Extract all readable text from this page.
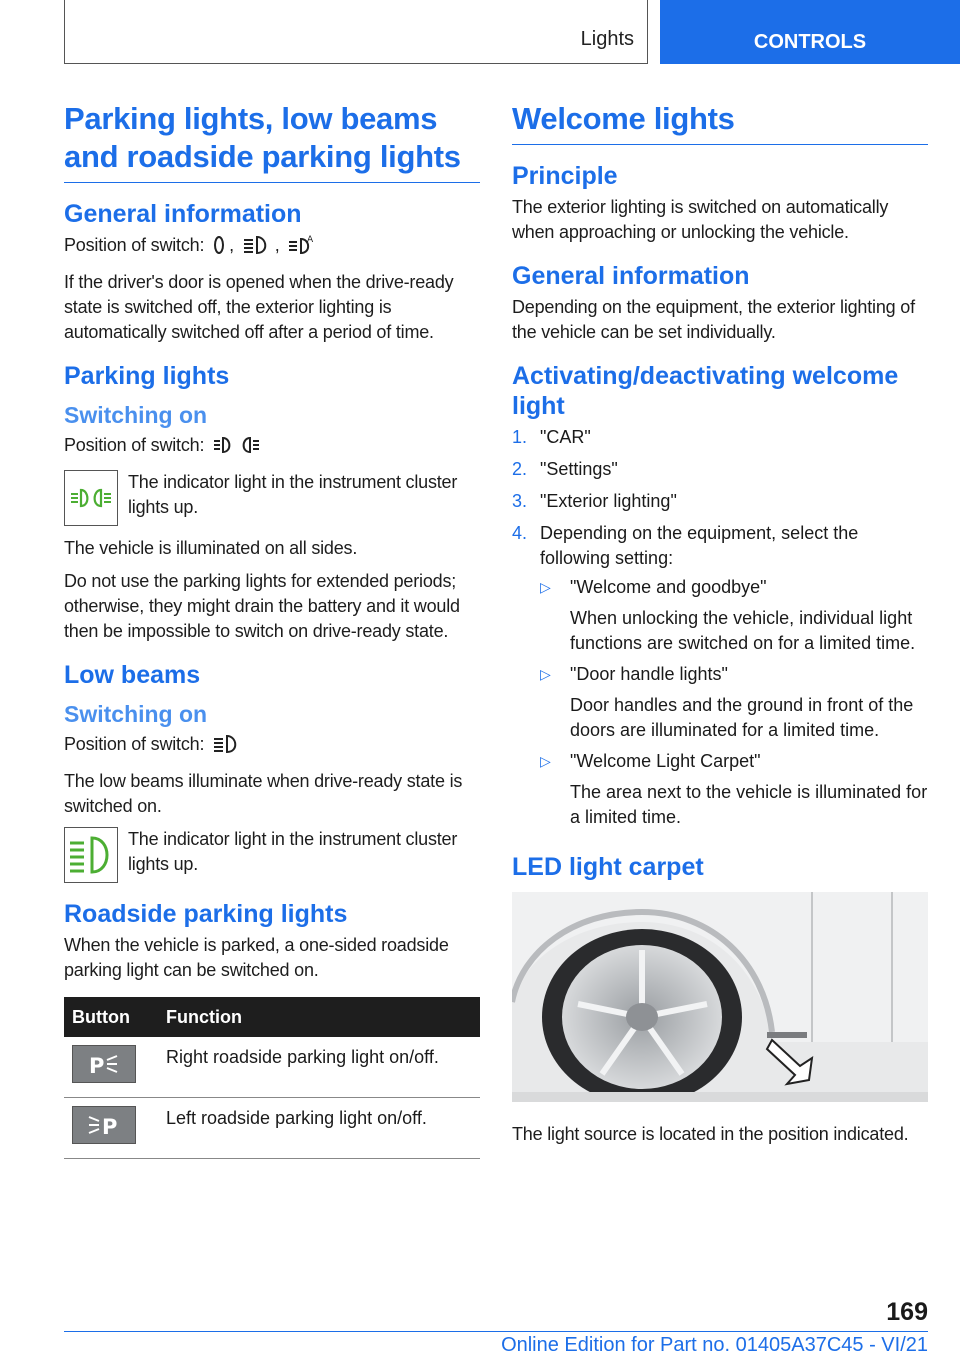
Lights	CONTROLS
Parking lights, low beams and roadside parking lights
General information

Position of switch: , ,	A

If the driver's door is opened when the drive-ready state is switched off, the exterior lighting is automatically switched off after a period of time.

Parking lights
Switching on

Position of switch:

The indicator light in the instrument cluster lights up.

The vehicle is illuminated on all sides.

Do not use the parking lights for extended periods; otherwise, they might drain the battery and it would then be impossible to switch on drive-ready state.

Low beams
Switching on

Position of switch:

The low beams illuminate when drive-ready state is switched on.

The indicator light in the instrument cluster lights up.

Roadside parking lights

When the vehicle is parked, a one-sided roadside parking light can be switched on.

Button	Function

P	Right roadside parking light on/off.

P	Left roadside parking light on/off.
Welcome lights
Principle

The exterior lighting is switched on automatically when approaching or unlocking the vehicle.

General information

Depending on the equipment, the exterior lighting of the vehicle can be set individually.

Activating/deactivating welcome light
1. "CAR"
2. "Settings"
3. "Exterior lighting"
4. Depending on the equipment, select the following setting:
▷	"Welcome and goodbye"
When unlocking the vehicle, individual light functions are switched on for a limited time.
▷	"Door handle lights"
Door handles and the ground in front of the doors are illuminated for a limited time.
▷	"Welcome Light Carpet"
The area next to the vehicle is illuminated for a limited time.
LED light carpet

The light source is located in the position indicated.

169
Online Edition for Part no. 01405A37C45 - VI/21
